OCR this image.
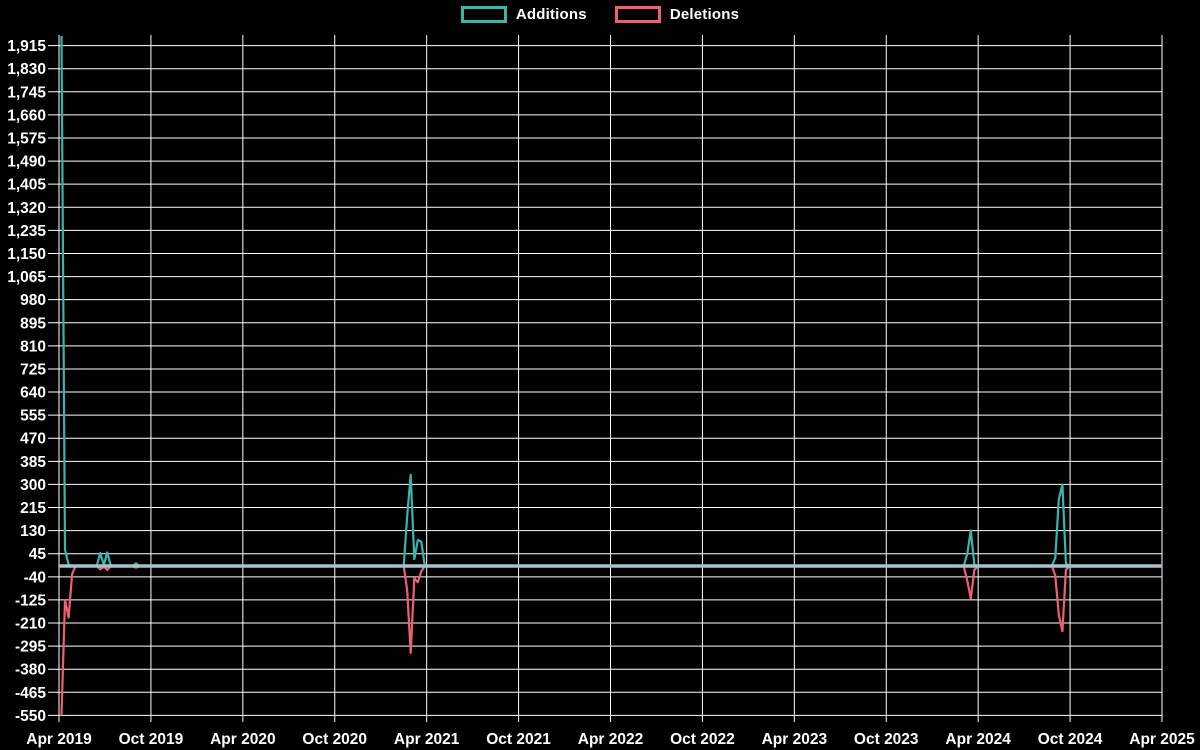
1,915
1,830
1,745
1,660
1,575
1,490
1,405
1,320
1,235
1,150
1,065
980
895
810
725
640
555
470
385
300
215
130
45
-40
-125
-210
-295
-380
-465
-550
Apr 2019 Oct 2019 Apr 2020 Oct 2020 Apr 2021 Oct 2021 Apr 2022 Oct 2022 Apr 2023 Oct 2023 Apr 2024 Oct 2024 Apr 2025
Additions	Deletions
